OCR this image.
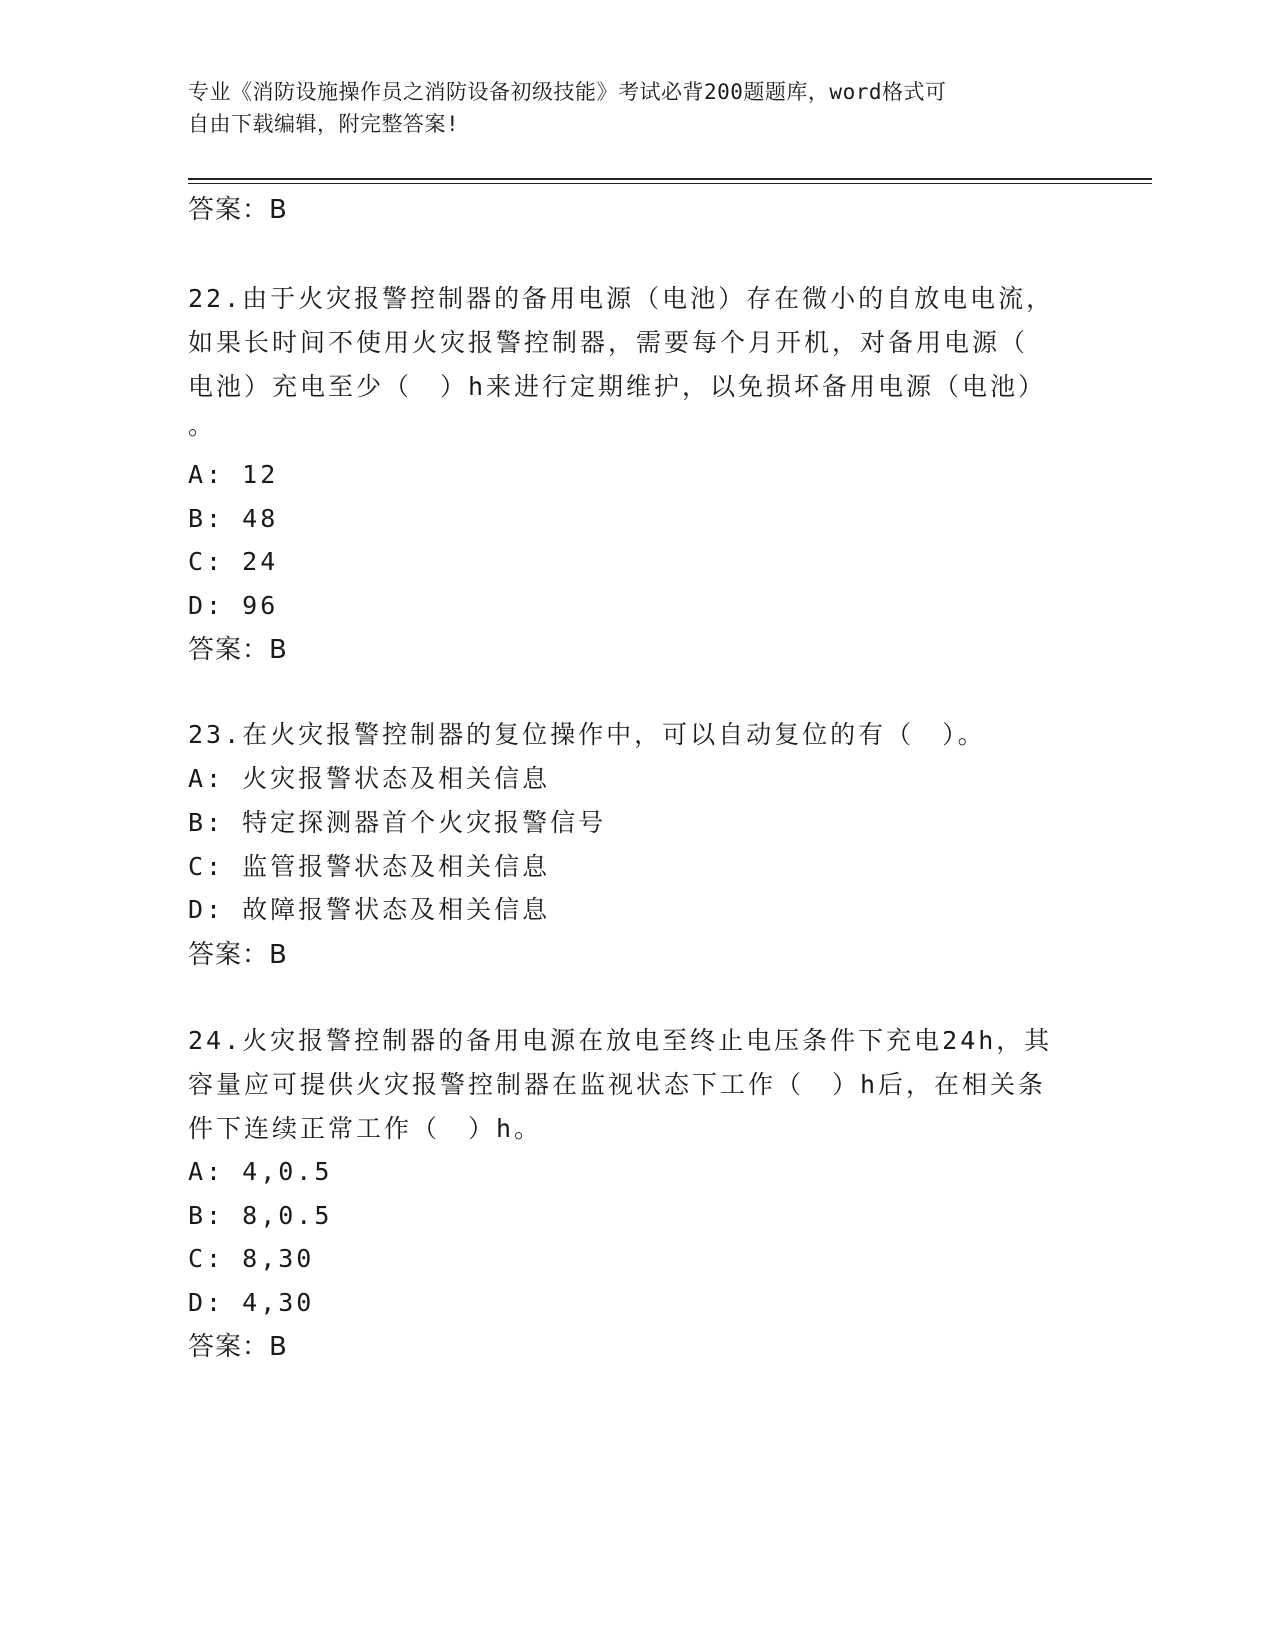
专业《消防设施操作员之消防设备初级技能》考试必背200题题库，word格式可
自由下载编辑，附完整答案!
答案：B
22.由于火灾报警控制器的备用电源（电池）存在微小的自放电电流，
如果长时间不使用火灾报警控制器，需要每个月开机，对备用电源（
电池）充电至少（　）h来进行定期维护，以免损坏备用电源（电池）
。
A: 12
B: 48
C: 24
D: 96
答案：B
23.在火灾报警控制器的复位操作中，可以自动复位的有（　）。
A: 火灾报警状态及相关信息
B: 特定探测器首个火灾报警信号
C: 监管报警状态及相关信息
D: 故障报警状态及相关信息
答案：B
24.火灾报警控制器的备用电源在放电至终止电压条件下充电24h，其
容量应可提供火灾报警控制器在监视状态下工作（　）h后，在相关条
件下连续正常工作（　）h。
A: 4,0.5
B: 8,0.5
C: 8,30
D: 4,30
答案：B
